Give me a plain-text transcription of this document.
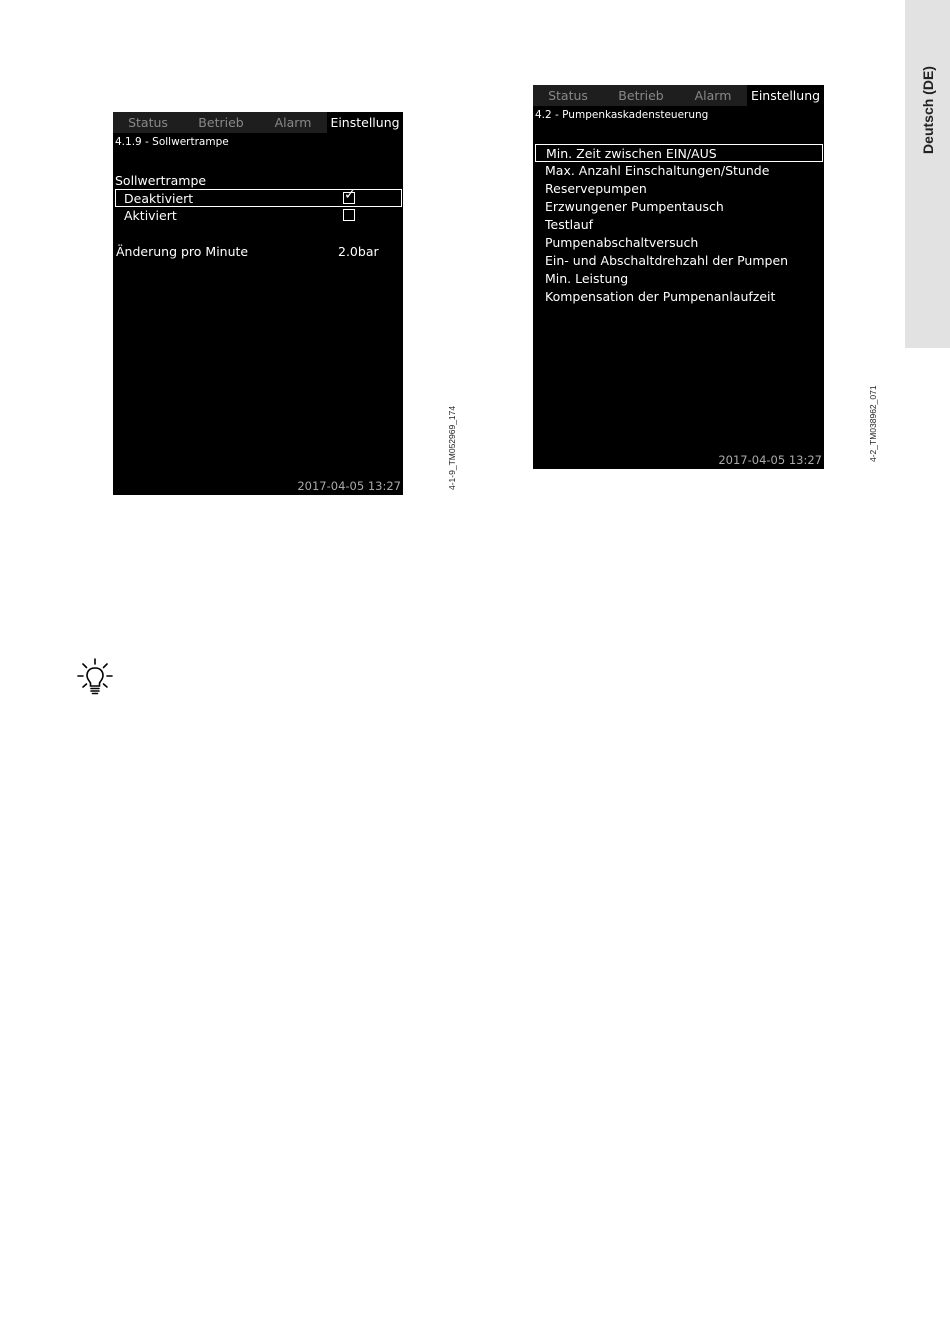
Deutsch (DE)
Status	Betrieb	Alarm	Einstellung
4.1.9 - Sollwertrampe
Sollwertrampe
Deaktiviert	✓
Aktiviert
Änderung pro Minute	2.0bar
2017-04-05 13:27	4-1-9_TM052969_174
Status	Betrieb	Alarm	Einstellung
4.2 - Pumpenkaskadensteuerung
Min. Zeit zwischen EIN/AUS
Max. Anzahl Einschaltungen/Stunde
Reservepumpen
Erzwungener Pumpentausch
Testlauf
Pumpenabschaltversuch
Ein- und Abschaltdrehzahl der Pumpen
Min. Leistung
Kompensation der Pumpenanlaufzeit
2017-04-05 13:27	4-2_TM038962_071
